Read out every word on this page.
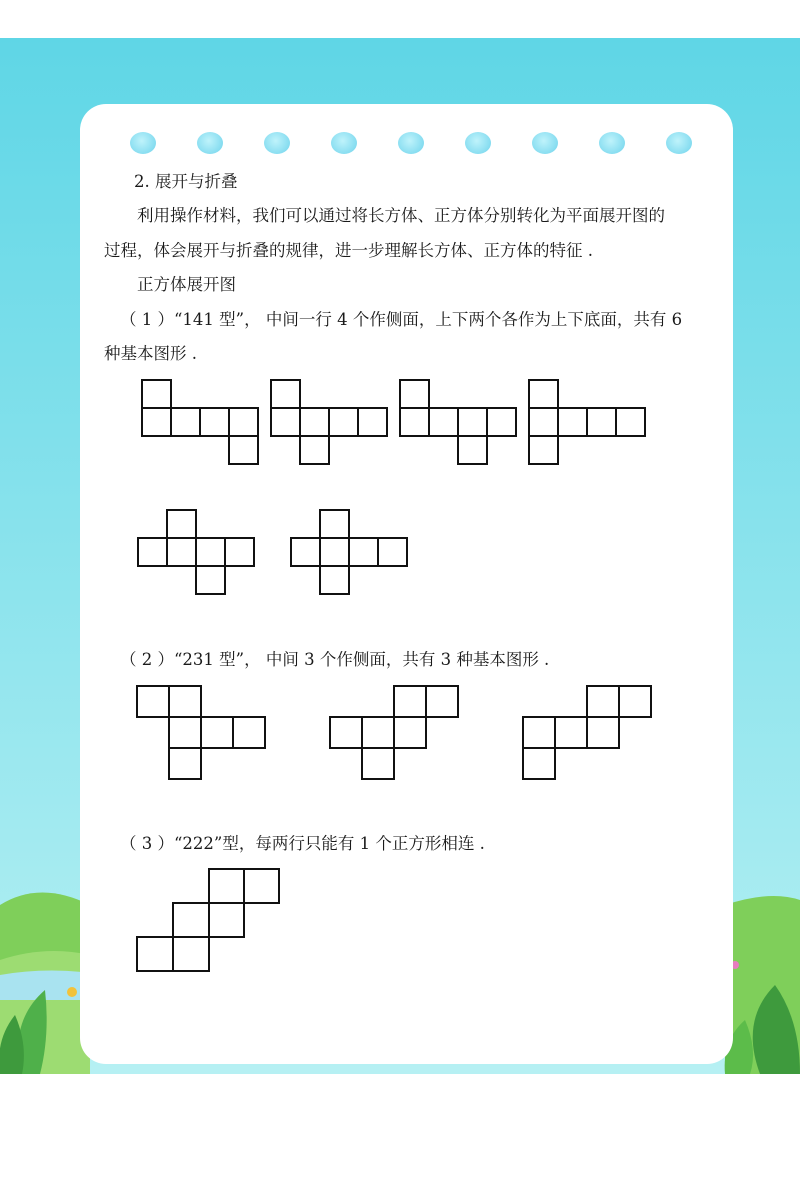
2. 展开与折叠
利用操作材料，我们可以通过将长方体、正方体分别转化为平面展开图的
过程，体会展开与折叠的规律，进一步理解长方体、正方体的特征 .
正方体展开图
（ 1 ）“141 型”， 中间一行 4 个作侧面，上下两个各作为上下底面，共有 6
种基本图形 .
（ 2 ）“231 型”， 中间 3 个作侧面，共有 3 种基本图形 .
（ 3 ）“222”型，每两行只能有 1 个正方形相连 .
